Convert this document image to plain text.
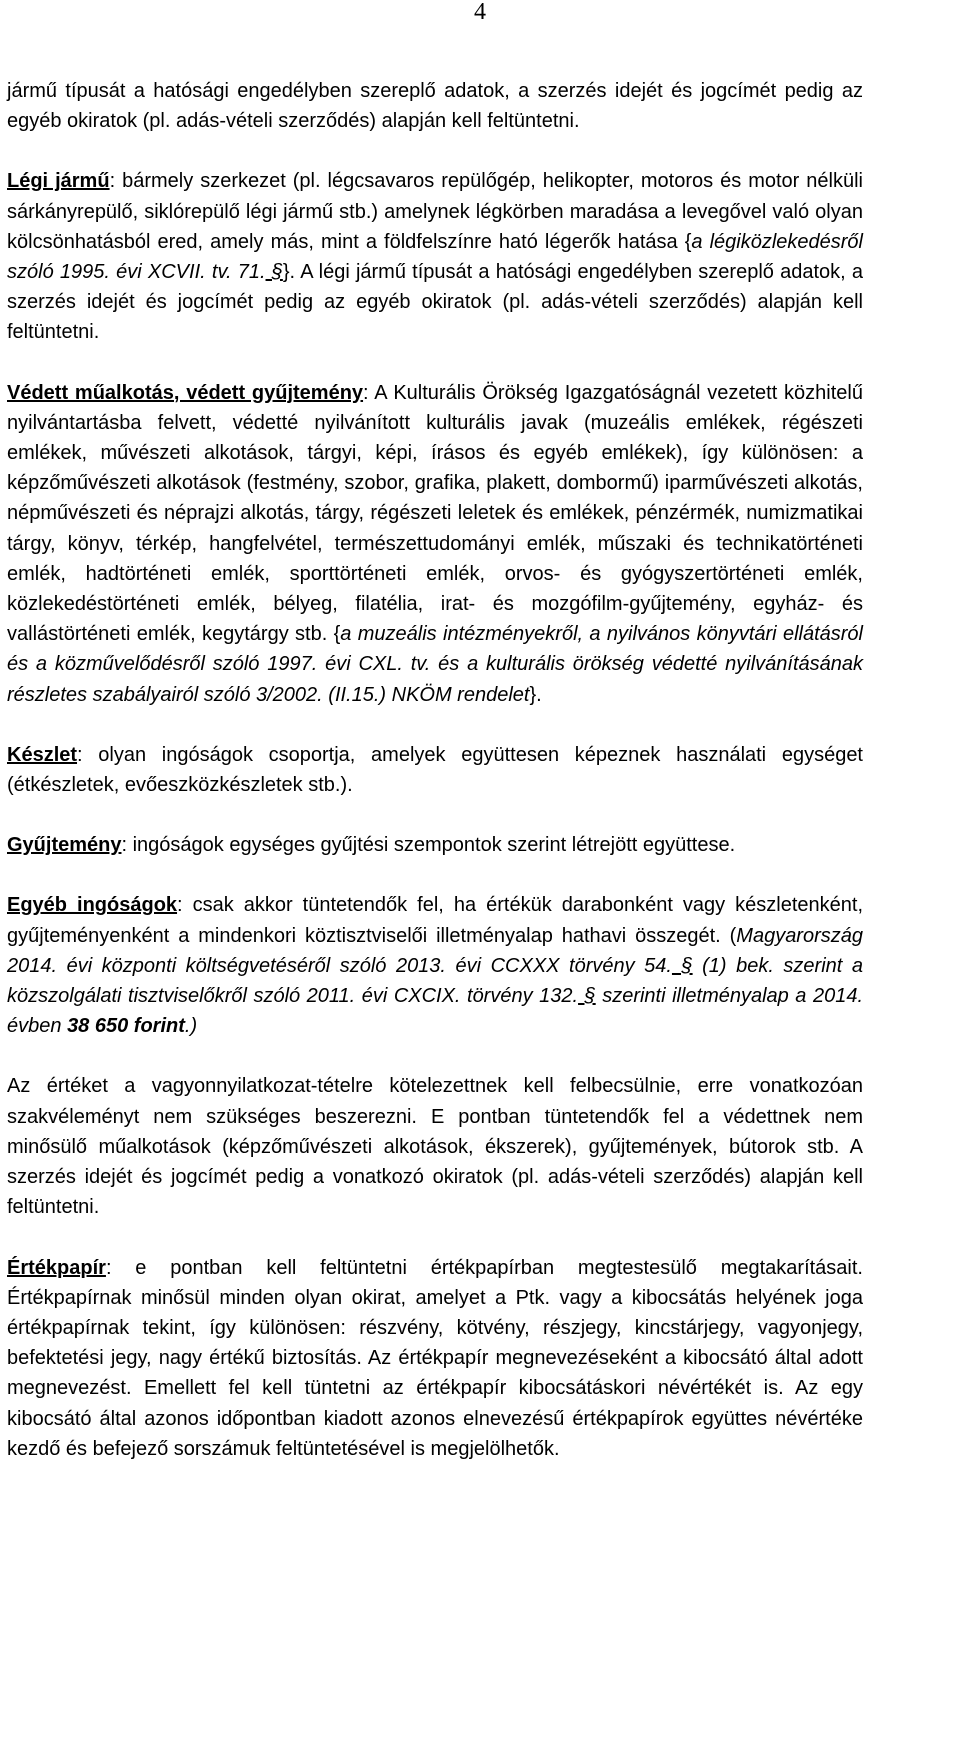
4

jármű típusát a hatósági engedélyben szereplő adatok, a szerzés idejét és jogcímét pedig az egyéb okiratok (pl. adás-vételi szerződés) alapján kell feltüntetni.

Légi jármű: bármely szerkezet (pl. légcsavaros repülőgép, helikopter, motoros és motor nélküli sárkányrepülő, siklórepülő légi jármű stb.) amelynek légkörben maradása a levegővel való olyan kölcsönhatásból ered, amely más, mint a földfelszínre ható légerők hatása {a légiközlekedésről szóló 1995. évi XCVII. tv. 71. §}. A légi jármű típusát a hatósági engedélyben szereplő adatok, a szerzés idejét és jogcímét pedig az egyéb okiratok (pl. adás-vételi szerződés) alapján kell feltüntetni.

Védett műalkotás, védett gyűjtemény: A Kulturális Örökség Igazgatóságnál vezetett közhitelű nyilvántartásba felvett, védetté nyilvánított kulturális javak (muzeális emlékek, régészeti emlékek, művészeti alkotások, tárgyi, képi, írásos és egyéb emlékek), így különösen: a képzőművészeti alkotások (festmény, szobor, grafika, plakett, dombormű) iparművészeti alkotás, népművészeti és néprajzi alkotás, tárgy, régészeti leletek és emlékek, pénzérmék, numizmatikai tárgy, könyv, térkép, hangfelvétel, természettudományi emlék, műszaki és technikatörténeti emlék, hadtörténeti emlék, sporttörténeti emlék, orvos- és gyógyszertörténeti emlék, közlekedéstörténeti emlék, bélyeg, filatélia, irat- és mozgófilm-gyűjtemény, egyház- és vallástörténeti emlék, kegytárgy stb. {a muzeális intézményekről, a nyilvános könyvtári ellátásról és a közművelődésről szóló 1997. évi CXL. tv. és a kulturális örökség védetté nyilvánításának részletes szabályairól szóló 3/2002. (II.15.) NKÖM rendelet}.

Készlet: olyan ingóságok csoportja, amelyek együttesen képeznek használati egységet (étkészletek, evőeszközkészletek stb.).

Gyűjtemény: ingóságok egységes gyűjtési szempontok szerint létrejött együttese.

Egyéb ingóságok: csak akkor tüntetendők fel, ha értékük darabonként vagy készletenként, gyűjteményenként a mindenkori köztisztviselői illetményalap hathavi összegét. (Magyarország 2014. évi központi költségvetéséről szóló 2013. évi CCXXX törvény 54. § (1) bek. szerint a közszolgálati tisztviselőkről szóló 2011. évi CXCIX. törvény 132. § szerinti illetményalap a 2014. évben 38 650 forint.)

Az értéket a vagyonnyilatkozat-tételre kötelezettnek kell felbecsülnie, erre vonatkozóan szakvéleményt nem szükséges beszerezni. E pontban tüntetendők fel a védettnek nem minősülő műalkotások (képzőművészeti alkotások, ékszerek), gyűjtemények, bútorok stb. A szerzés idejét és jogcímét pedig a vonatkozó okiratok (pl. adás-vételi szerződés) alapján kell feltüntetni.

Értékpapír: e pontban kell feltüntetni értékpapírban megtestesülő megtakarításait. Értékpapírnak minősül minden olyan okirat, amelyet a Ptk. vagy a kibocsátás helyének joga értékpapírnak tekint, így különösen: részvény, kötvény, részjegy, kincstárjegy, vagyonjegy, befektetési jegy, nagy értékű biztosítás. Az értékpapír megnevezéseként a kibocsátó által adott megnevezést. Emellett fel kell tüntetni az értékpapír kibocsátáskori névértékét is. Az egy kibocsátó által azonos időpontban kiadott azonos elnevezésű értékpapírok együttes névértéke kezdő és befejező sorszámuk feltüntetésével is megjelölhetők.
